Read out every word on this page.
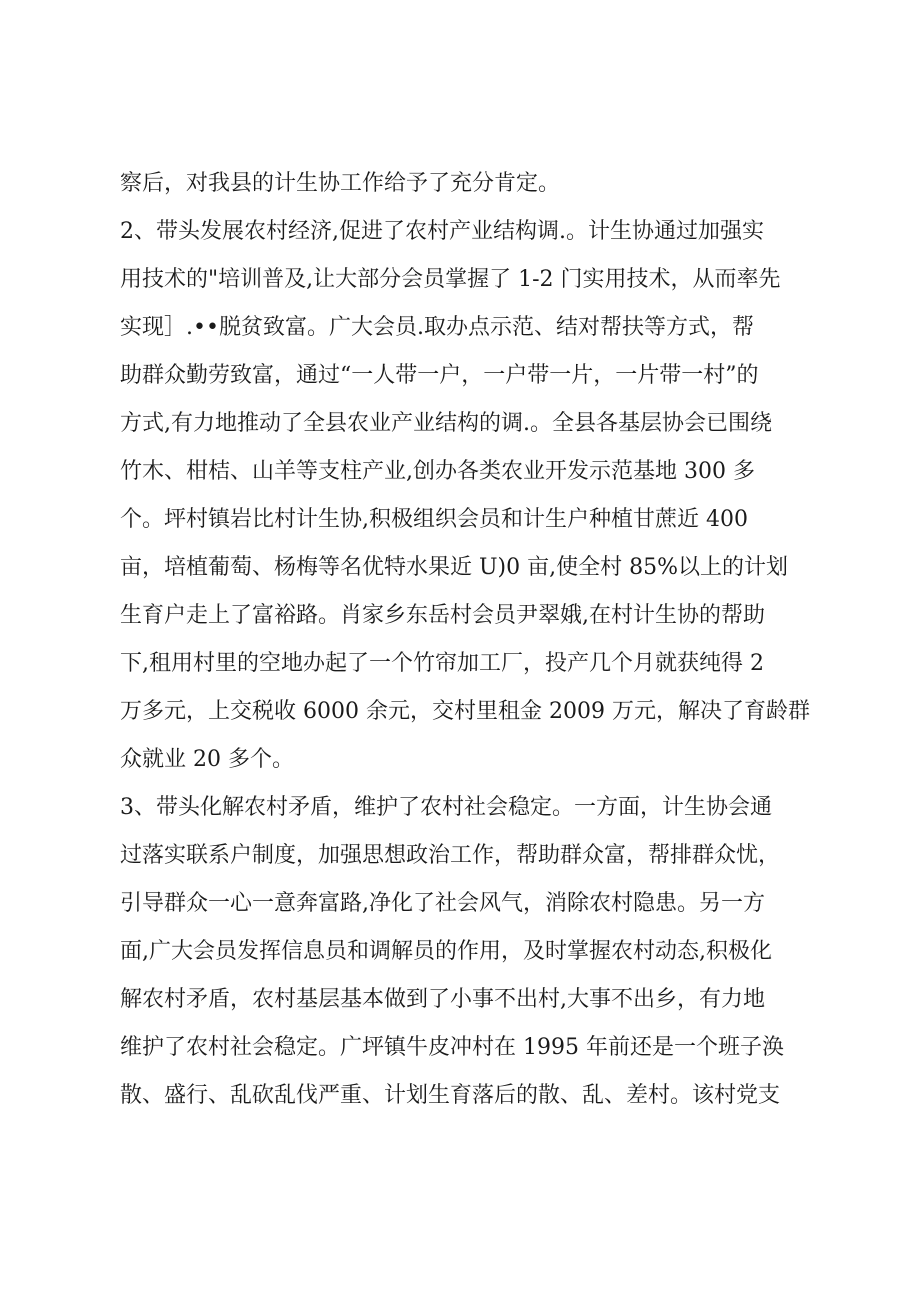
察后，对我县的计生协工作给予了充分肯定。
2、带头发展农村经济,促进了农村产业结构调.。计生协通过加强实
用技术的"培训普及,让大部分会员掌握了 1-2 门实用技术，从而率先
实现］.••脱贫致富。广大会员.取办点示范、结对帮扶等方式，帮
助群众勤劳致富，通过“一人带一户，一户带一片，一片带一村”的
方式,有力地推动了全县农业产业结构的调.。全县各基层协会已围绕
竹木、柑桔、山羊等支柱产业,创办各类农业开发示范基地 300 多
个。坪村镇岩比村计生协,积极组织会员和计生户种植甘蔗近 400
亩，培植葡萄、杨梅等名优特水果近 U)0 亩,使全村 85%以上的计划
生育户走上了富裕路。肖家乡东岳村会员尹翠娥,在村计生协的帮助
下,租用村里的空地办起了一个竹帘加工厂，投产几个月就获纯得 2
万多元，上交税收 6000 余元，交村里租金 2009 万元，解决了育龄群
众就业 20 多个。
3、带头化解农村矛盾，维护了农村社会稳定。一方面，计生协会通
过落实联系户制度，加强思想政治工作，帮助群众富，帮排群众忧，
引导群众一心一意奔富路,净化了社会风气，消除农村隐患。另一方
面,广大会员发挥信息员和调解员的作用，及时掌握农村动态,积极化
解农村矛盾，农村基层基本做到了小事不出村,大事不出乡，有力地
维护了农村社会稳定。广坪镇牛皮冲村在 1995 年前还是一个班子涣
散、盛行、乱砍乱伐严重、计划生育落后的散、乱、差村。该村党支
